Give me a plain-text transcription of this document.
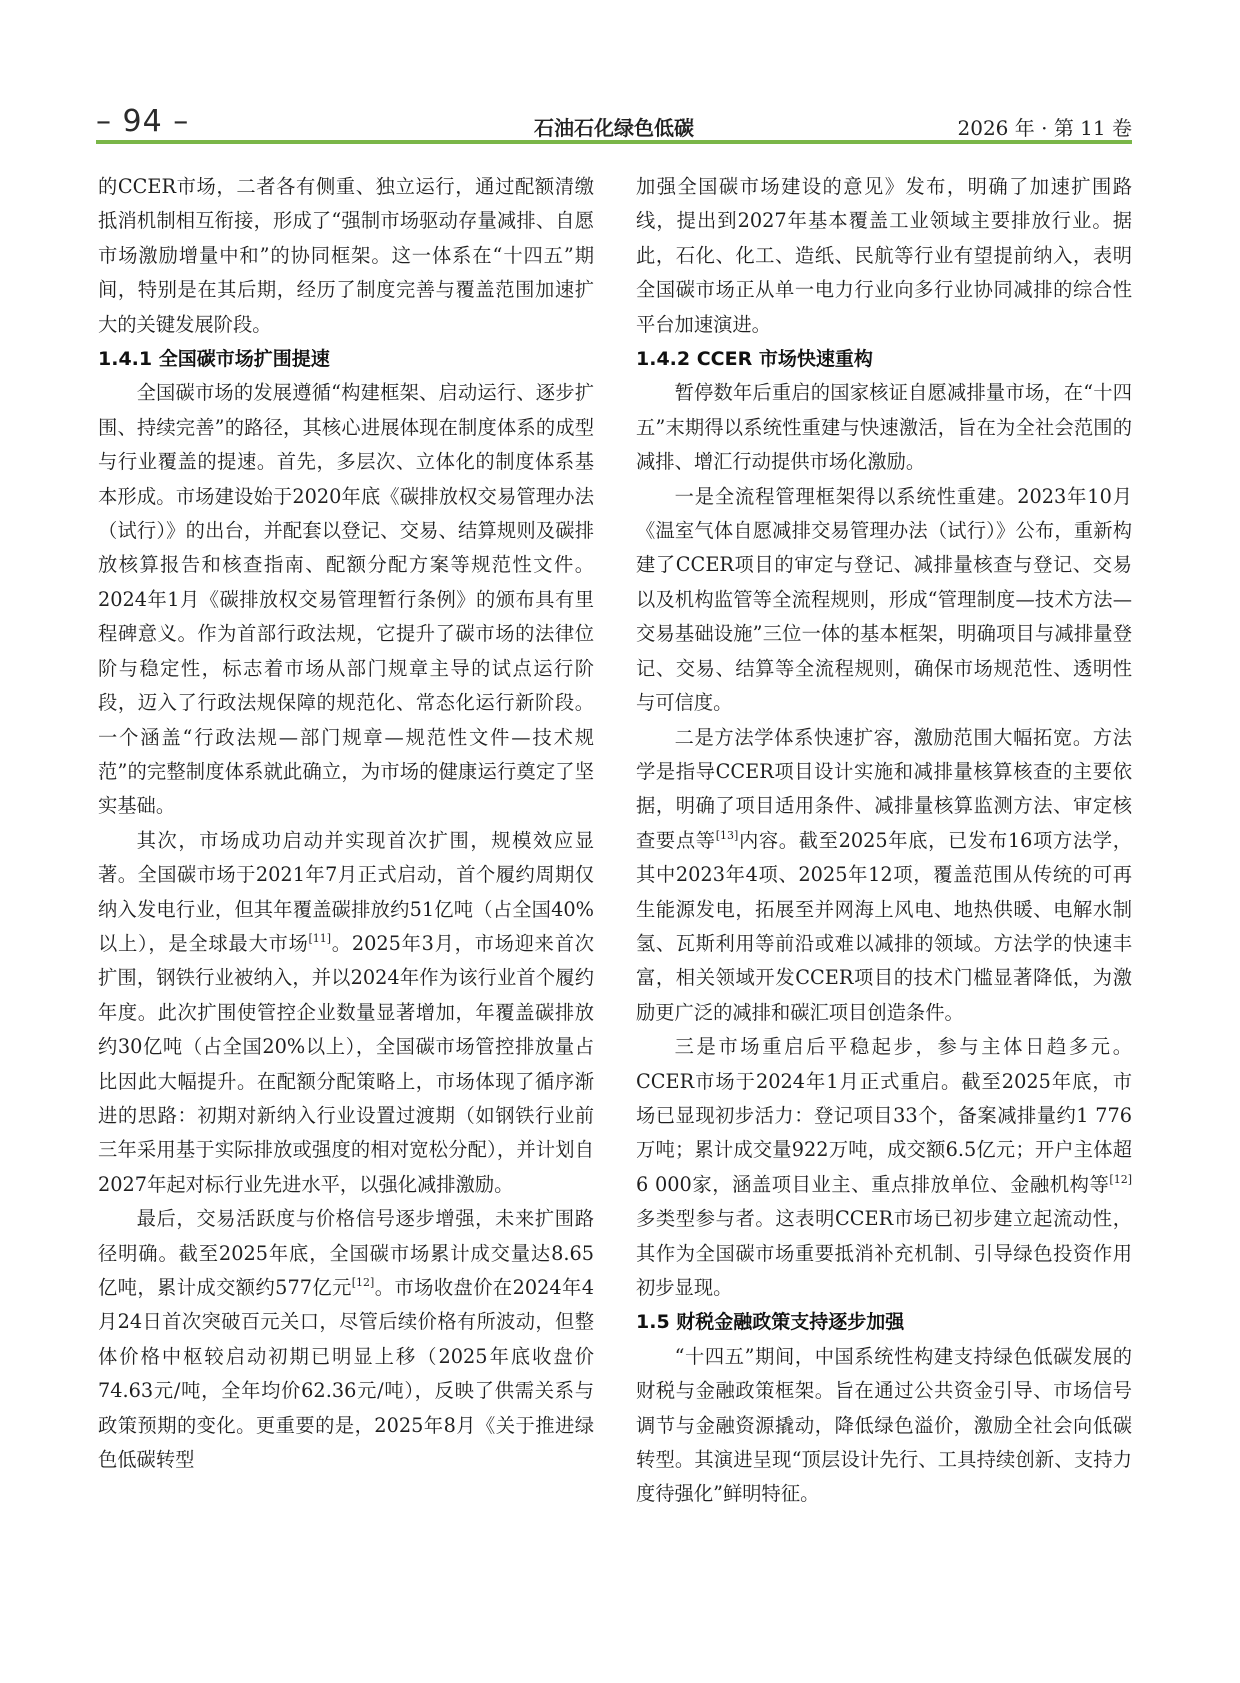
– 94 –	石油石化绿色低碳	2026 年 · 第 11 卷

的CCER市场，二者各有侧重、独立运行，通过配额清缴抵消机制相互衔接，形成了“强制市场驱动存量减排、自愿市场激励增量中和”的协同框架。这一体系在“十四五”期间，特别是在其后期，经历了制度完善与覆盖范围加速扩大的关键发展阶段。

1.4.1 全国碳市场扩围提速

全国碳市场的发展遵循“构建框架、启动运行、逐步扩围、持续完善”的路径，其核心进展体现在制度体系的成型与行业覆盖的提速。首先，多层次、立体化的制度体系基本形成。市场建设始于2020年底《碳排放权交易管理办法（试行）》的出台，并配套以登记、交易、结算规则及碳排放核算报告和核查指南、配额分配方案等规范性文件。2024年1月《碳排放权交易管理暂行条例》的颁布具有里程碑意义。作为首部行政法规，它提升了碳市场的法律位阶与稳定性，标志着市场从部门规章主导的试点运行阶段，迈入了行政法规保障的规范化、常态化运行新阶段。一个涵盖“行政法规—部门规章—规范性文件—技术规范”的完整制度体系就此确立，为市场的健康运行奠定了坚实基础。

其次，市场成功启动并实现首次扩围，规模效应显著。全国碳市场于2021年7月正式启动，首个履约周期仅纳入发电行业，但其年覆盖碳排放约51亿吨（占全国40%以上），是全球最大市场[11]。2025年3月，市场迎来首次扩围，钢铁行业被纳入，并以2024年作为该行业首个履约年度。此次扩围使管控企业数量显著增加，年覆盖碳排放约30亿吨（占全国20%以上），全国碳市场管控排放量占比因此大幅提升。在配额分配策略上，市场体现了循序渐进的思路：初期对新纳入行业设置过渡期（如钢铁行业前三年采用基于实际排放或强度的相对宽松分配），并计划自2027年起对标行业先进水平，以强化减排激励。

最后，交易活跃度与价格信号逐步增强，未来扩围路径明确。截至2025年底，全国碳市场累计成交量达8.65亿吨，累计成交额约577亿元[12]。市场收盘价在2024年4月24日首次突破百元关口，尽管后续价格有所波动，但整体价格中枢较启动初期已明显上移（2025年底收盘价74.63元/吨，全年均价62.36元/吨），反映了供需关系与政策预期的变化。更重要的是，2025年8月《关于推进绿色低碳转型

加强全国碳市场建设的意见》发布，明确了加速扩围路线，提出到2027年基本覆盖工业领域主要排放行业。据此，石化、化工、造纸、民航等行业有望提前纳入，表明全国碳市场正从单一电力行业向多行业协同减排的综合性平台加速演进。

1.4.2 CCER 市场快速重构

暂停数年后重启的国家核证自愿减排量市场，在“十四五”末期得以系统性重建与快速激活，旨在为全社会范围的减排、增汇行动提供市场化激励。

一是全流程管理框架得以系统性重建。2023年10月《温室气体自愿减排交易管理办法（试行）》公布，重新构建了CCER项目的审定与登记、减排量核查与登记、交易以及机构监管等全流程规则，形成“管理制度—技术方法—交易基础设施”三位一体的基本框架，明确项目与减排量登记、交易、结算等全流程规则，确保市场规范性、透明性与可信度。

二是方法学体系快速扩容，激励范围大幅拓宽。方法学是指导CCER项目设计实施和减排量核算核查的主要依据，明确了项目适用条件、减排量核算监测方法、审定核查要点等[13]内容。截至2025年底，已发布16项方法学，其中2023年4项、2025年12项，覆盖范围从传统的可再生能源发电，拓展至并网海上风电、地热供暖、电解水制氢、瓦斯利用等前沿或难以减排的领域。方法学的快速丰富，相关领域开发CCER项目的技术门槛显著降低，为激励更广泛的减排和碳汇项目创造条件。

三是市场重启后平稳起步，参与主体日趋多元。CCER市场于2024年1月正式重启。截至2025年底，市场已显现初步活力：登记项目33个，备案减排量约1 776万吨；累计成交量922万吨，成交额6.5亿元；开户主体超6 000家，涵盖项目业主、重点排放单位、金融机构等[12]多类型参与者。这表明CCER市场已初步建立起流动性，其作为全国碳市场重要抵消补充机制、引导绿色投资作用初步显现。

1.5 财税金融政策支持逐步加强

“十四五”期间，中国系统性构建支持绿色低碳发展的财税与金融政策框架。旨在通过公共资金引导、市场信号调节与金融资源撬动，降低绿色溢价，激励全社会向低碳转型。其演进呈现“顶层设计先行、工具持续创新、支持力度待强化”鲜明特征。
